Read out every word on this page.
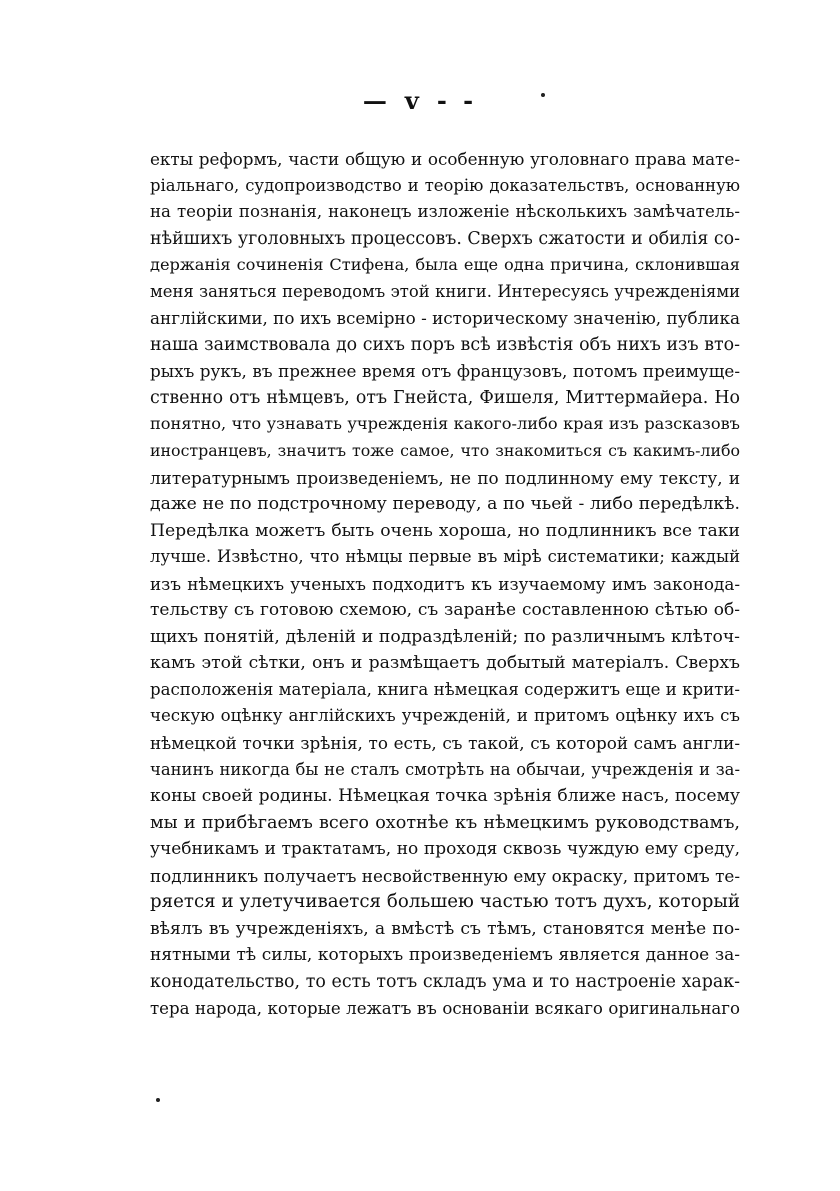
— v - -
екты реформъ, части общую и особенную уголовнаго права мате-
ріальнаго, судопроизводство и теорію доказательствъ, основанную
на теоріи познанія, наконецъ изложеніе нѣсколькихъ замѣчатель-
нѣйшихъ уголовныхъ процессовъ. Сверхъ сжатости и обилія со-
держанія сочиненія Стифена, была еще одна причина, склонившая
меня заняться переводомъ этой книги. Интересуясь учрежденіями
англійскими, по ихъ всемірно - историческому значенію, публика
наша заимствовала до сихъ поръ всѣ извѣстія объ нихъ изъ вто-
рыхъ рукъ, въ прежнее время отъ французовъ, потомъ преимуще-
ственно отъ нѣмцевъ, отъ Гнейста, Фишеля, Миттермайера. Но
понятно, что узнавать учрежденія какого-либо края изъ разсказовъ
иностранцевъ, значитъ тоже самое, что знакомиться съ какимъ-либо
литературнымъ произведеніемъ, не по подлинному ему тексту, и
даже не по подстрочному переводу, а по чьей - либо передѣлкѣ.
Передѣлка можетъ быть очень хороша, но подлинникъ все таки
лучше. Извѣстно, что нѣмцы первые въ мірѣ систематики; каждый
изъ нѣмецкихъ ученыхъ подходитъ къ изучаемому имъ законода-
тельству съ готовою схемою, съ заранѣе составленною сѣтью об-
щихъ понятій, дѣленій и подраздѣленій; по различнымъ клѣточ-
камъ этой сѣтки, онъ и размѣщаетъ добытый матеріалъ. Сверхъ
расположенія матеріала, книга нѣмецкая содержитъ еще и крити-
ческую оцѣнку англійскихъ учрежденій, и притомъ оцѣнку ихъ съ
нѣмецкой точки зрѣнія, то есть, съ такой, съ которой самъ англи-
чанинъ никогда бы не сталъ смотрѣть на обычаи, учрежденія и за-
коны своей родины. Нѣмецкая точка зрѣнія ближе насъ, посему
мы и прибѣгаемъ всего охотнѣе къ нѣмецкимъ руководствамъ,
учебникамъ и трактатамъ, но проходя сквозь чуждую ему среду,
подлинникъ получаетъ несвойственную ему окраску, притомъ те-
ряется и улетучивается большею частью тотъ духъ, который
вѣялъ въ учрежденіяхъ, а вмѣстѣ съ тѣмъ, становятся менѣе по-
нятными тѣ силы, которыхъ произведеніемъ является данное за-
конодательство, то есть тотъ складъ ума и то настроеніе харак-
тера народа, которые лежатъ въ основаніи всякаго оригинальнаго
